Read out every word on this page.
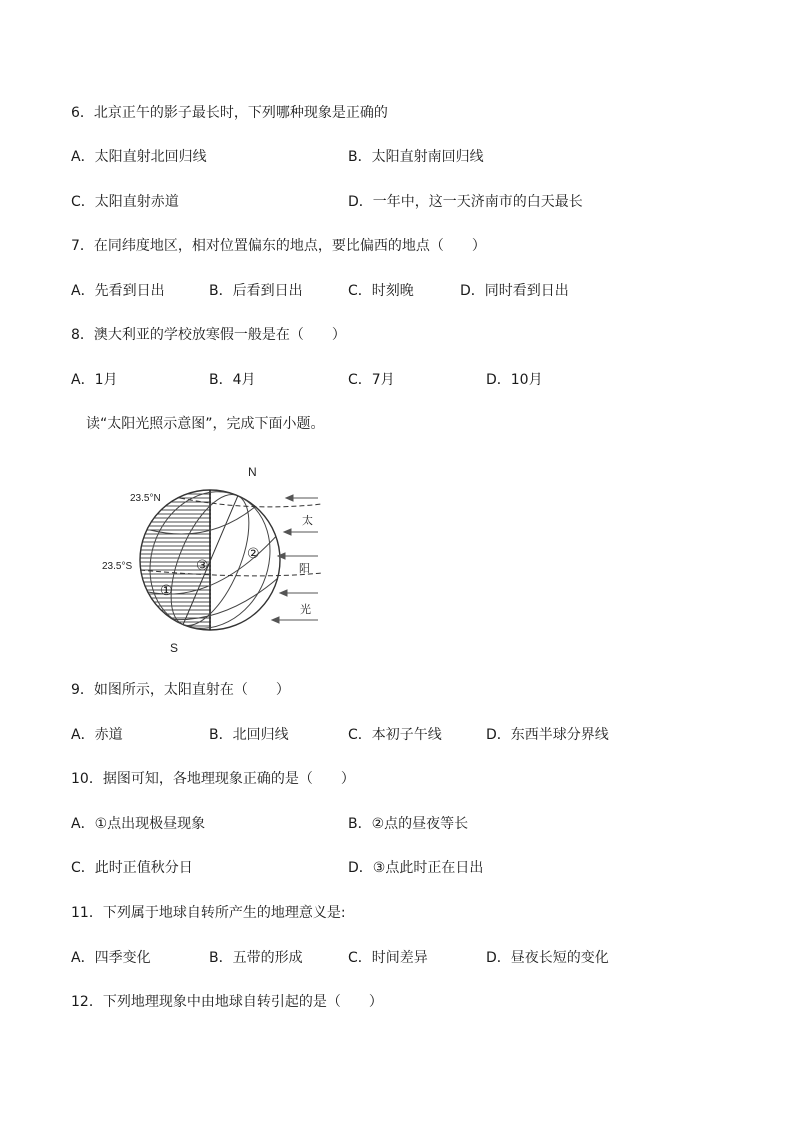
6．北京正午的影子最长时，下列哪种现象是正确的
A．太阳直射北回归线	B．太阳直射南回归线
C．太阳直射赤道	D．一年中，这一天济南市的白天最长
7．在同纬度地区，相对位置偏东的地点，要比偏西的地点（　　）
A．先看到日出	B．后看到日出	C．时刻晚	D．同时看到日出
8．澳大利亚的学校放寒假一般是在（　　）
A．1月	B．4月	C．7月	D．10月
读“太阳光照示意图”，完成下面小题。
N
S
23.5°N
23.5°S
①
②
③
太
阳
光
9．如图所示，太阳直射在（　　）
A．赤道	B．北回归线	C．本初子午线	D．东西半球分界线
10．据图可知，各地理现象正确的是（　　）
A．①点出现极昼现象	B．②点的昼夜等长
C．此时正值秋分日	D．③点此时正在日出
11．下列属于地球自转所产生的地理意义是:
A．四季变化	B．五带的形成	C．时间差异	D．昼夜长短的变化
12．下列地理现象中由地球自转引起的是（　　）
